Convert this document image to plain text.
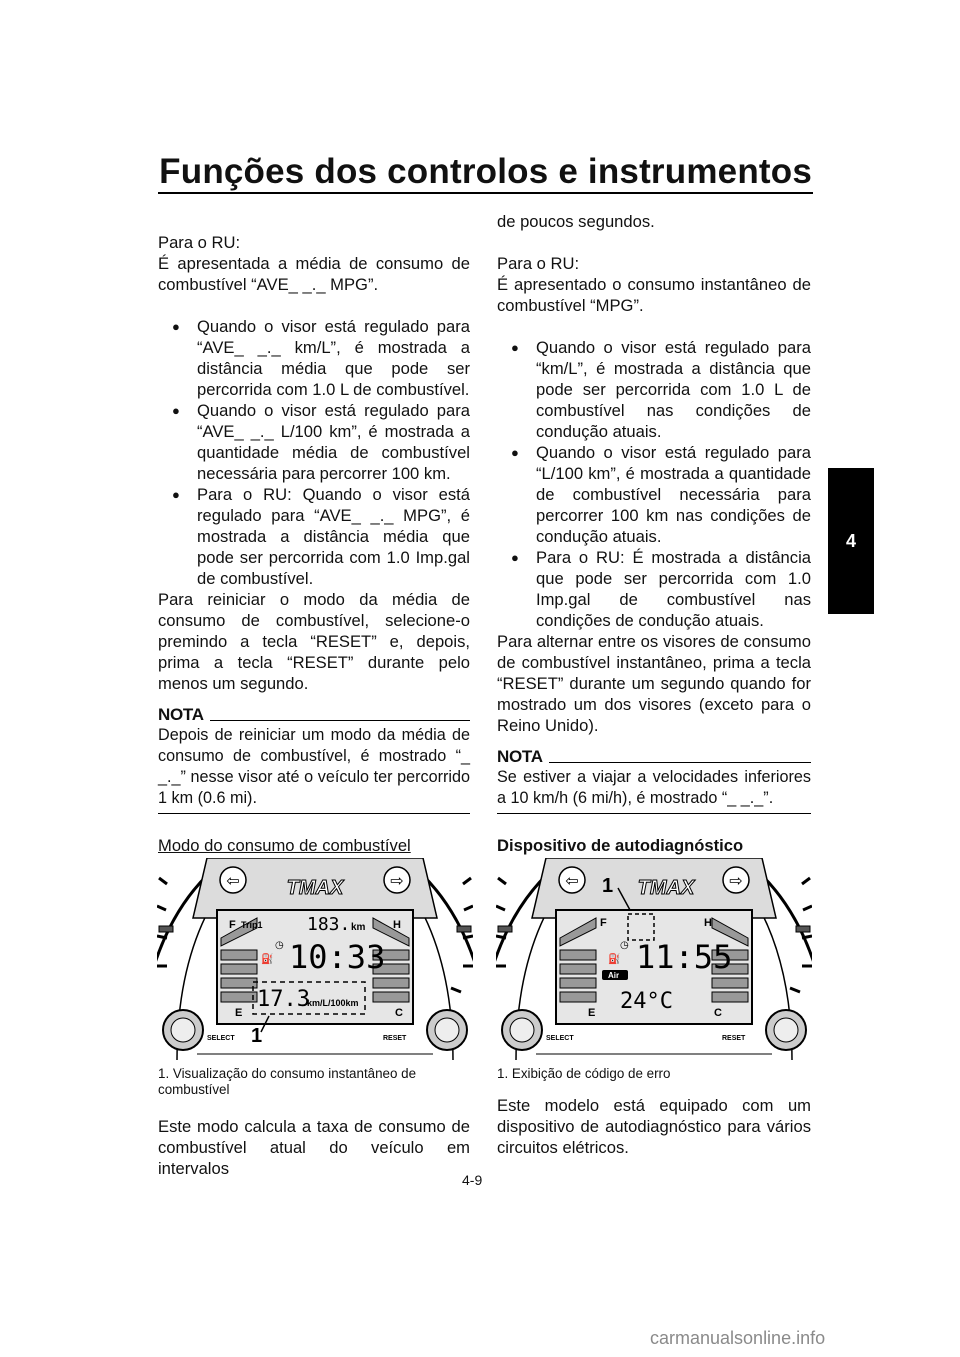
Funções dos controlos e instrumentos
4

Para o RU:

É apresentada a média de consumo de combustível “AVE_ _._ MPG”.

● Quando o visor está regulado para “AVE_ _._ km/L”, é mostrada a distância média que pode ser percorrida com 1.0 L de combustível.
● Quando o visor está regulado para “AVE_ _._ L/100 km”, é mostrada a quantidade média de combustível necessária para percorrer 100 km.
● Para o RU: Quando o visor está regulado para “AVE_ _._ MPG”, é mostrada a distância média que pode ser percorrida com 1.0 Imp.gal de combustível.

Para reiniciar o modo da média de consumo de combustível, selecione-o premindo a tecla “RESET” e, depois, prima a tecla “RESET” durante pelo menos um segundo.

NOTA

Depois de reiniciar um modo da média de consumo de combustível, é mostrado “_ _._” nesse visor até o veículo ter percorrido 1 km (0.6 mi).

Modo do consumo de combustível

⇦	⇨
TMAX
F	H
E	C
Trip1 183. km
◷
⛽ 10:33
17.3
km/L/100km
1
SELECT	RESET
1. Visualização do consumo instantâneo de combustível

Este modo calcula a taxa de consumo de combustível atual do veículo em intervalos

de poucos segundos.

Para o RU:

É apresentado o consumo instantâneo de combustível “MPG”.

● Quando o visor está regulado para “km/L”, é mostrada a distância que pode ser percorrida com 1.0 L de combustível nas condições de condução atuais.
● Quando o visor está regulado para “L/100 km”, é mostrada a quantidade de combustível necessária para percorrer 100 km nas condições de condução atuais.
● Para o RU: É mostrada a distância que pode ser percorrida com 1.0 Imp.gal de combustível nas condições de condução atuais.

Para alternar entre os visores de consumo de combustível instantâneo, prima a tecla “RESET” durante um segundo quando for mostrado um dos visores (exceto para o Reino Unido).

NOTA

Se estiver a viajar a velocidades inferiores a 10 km/h (6 mi/h), é mostrado “_ _._”.

Dispositivo de autodiagnóstico

⇦	⇨
TMAX
1
F	H
E	C
◷
⛽ 11:55
Air
24°C
SELECT	RESET
1. Exibição de código de erro

Este modelo está equipado com um dispositivo de autodiagnóstico para vários circuitos elétricos.

4-9
carmanualsonline.info
